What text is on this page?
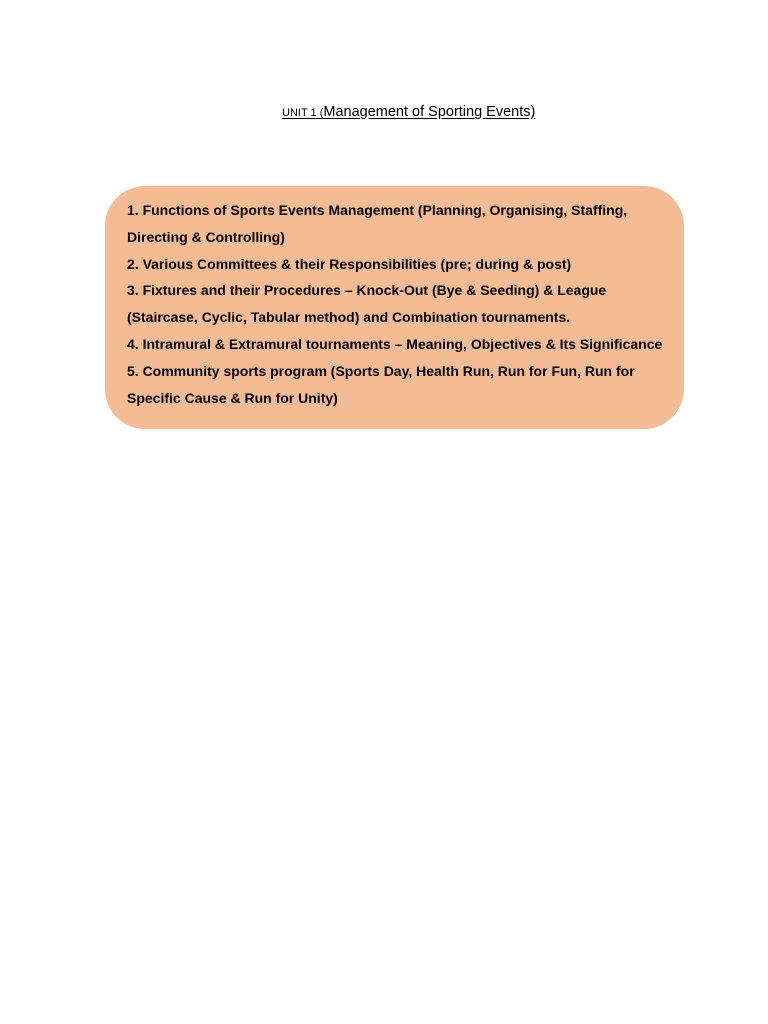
UNIT 1 (Management of Sporting Events)
1. Functions of Sports Events Management (Planning, Organising, Staffing, Directing & Controlling)
2. Various Committees & their Responsibilities (pre; during & post)
3. Fixtures and their Procedures – Knock-Out (Bye & Seeding) & League (Staircase, Cyclic, Tabular method) and Combination tournaments.
4. Intramural & Extramural tournaments – Meaning, Objectives & Its Significance
5. Community sports program (Sports Day, Health Run, Run for Fun, Run for Specific Cause & Run for Unity)
